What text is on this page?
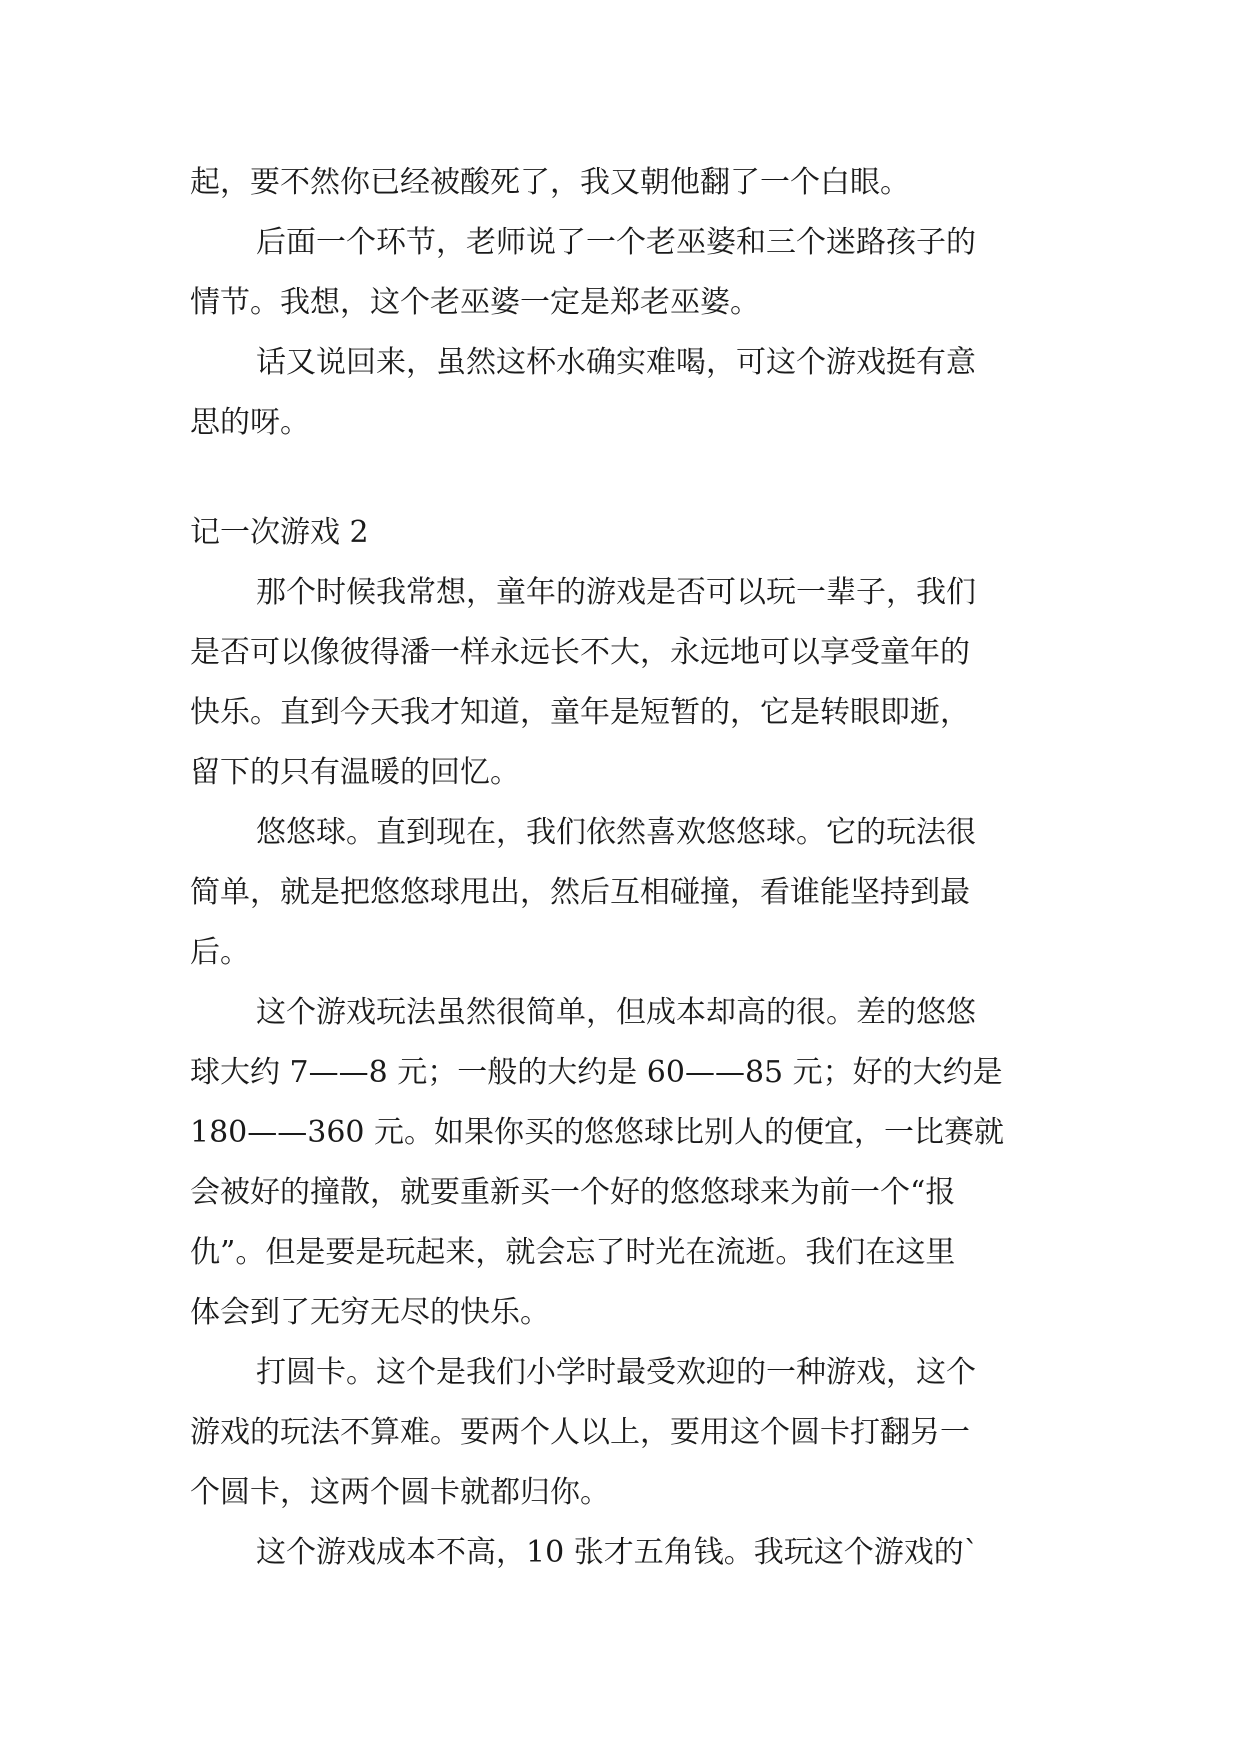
起，要不然你已经被酸死了，我又朝他翻了一个白眼。
后面一个环节，老师说了一个老巫婆和三个迷路孩子的
情节。我想，这个老巫婆一定是郑老巫婆。
话又说回来，虽然这杯水确实难喝，可这个游戏挺有意
思的呀。
记一次游戏 2
那个时候我常想，童年的游戏是否可以玩一辈子，我们
是否可以像彼得潘一样永远长不大，永远地可以享受童年的
快乐。直到今天我才知道，童年是短暂的，它是转眼即逝，
留下的只有温暖的回忆。
悠悠球。直到现在，我们依然喜欢悠悠球。它的玩法很
简单，就是把悠悠球甩出，然后互相碰撞，看谁能坚持到最
后。
这个游戏玩法虽然很简单，但成本却高的很。差的悠悠
球大约 7——8 元；一般的大约是 60——85 元；好的大约是
180——360 元。如果你买的悠悠球比别人的便宜，一比赛就
会被好的撞散，就要重新买一个好的悠悠球来为前一个“报
仇”。但是要是玩起来，就会忘了时光在流逝。我们在这里
体会到了无穷无尽的快乐。
打圆卡。这个是我们小学时最受欢迎的一种游戏，这个
游戏的玩法不算难。要两个人以上，要用这个圆卡打翻另一
个圆卡，这两个圆卡就都归你。
这个游戏成本不高，10 张才五角钱。我玩这个游戏的`
